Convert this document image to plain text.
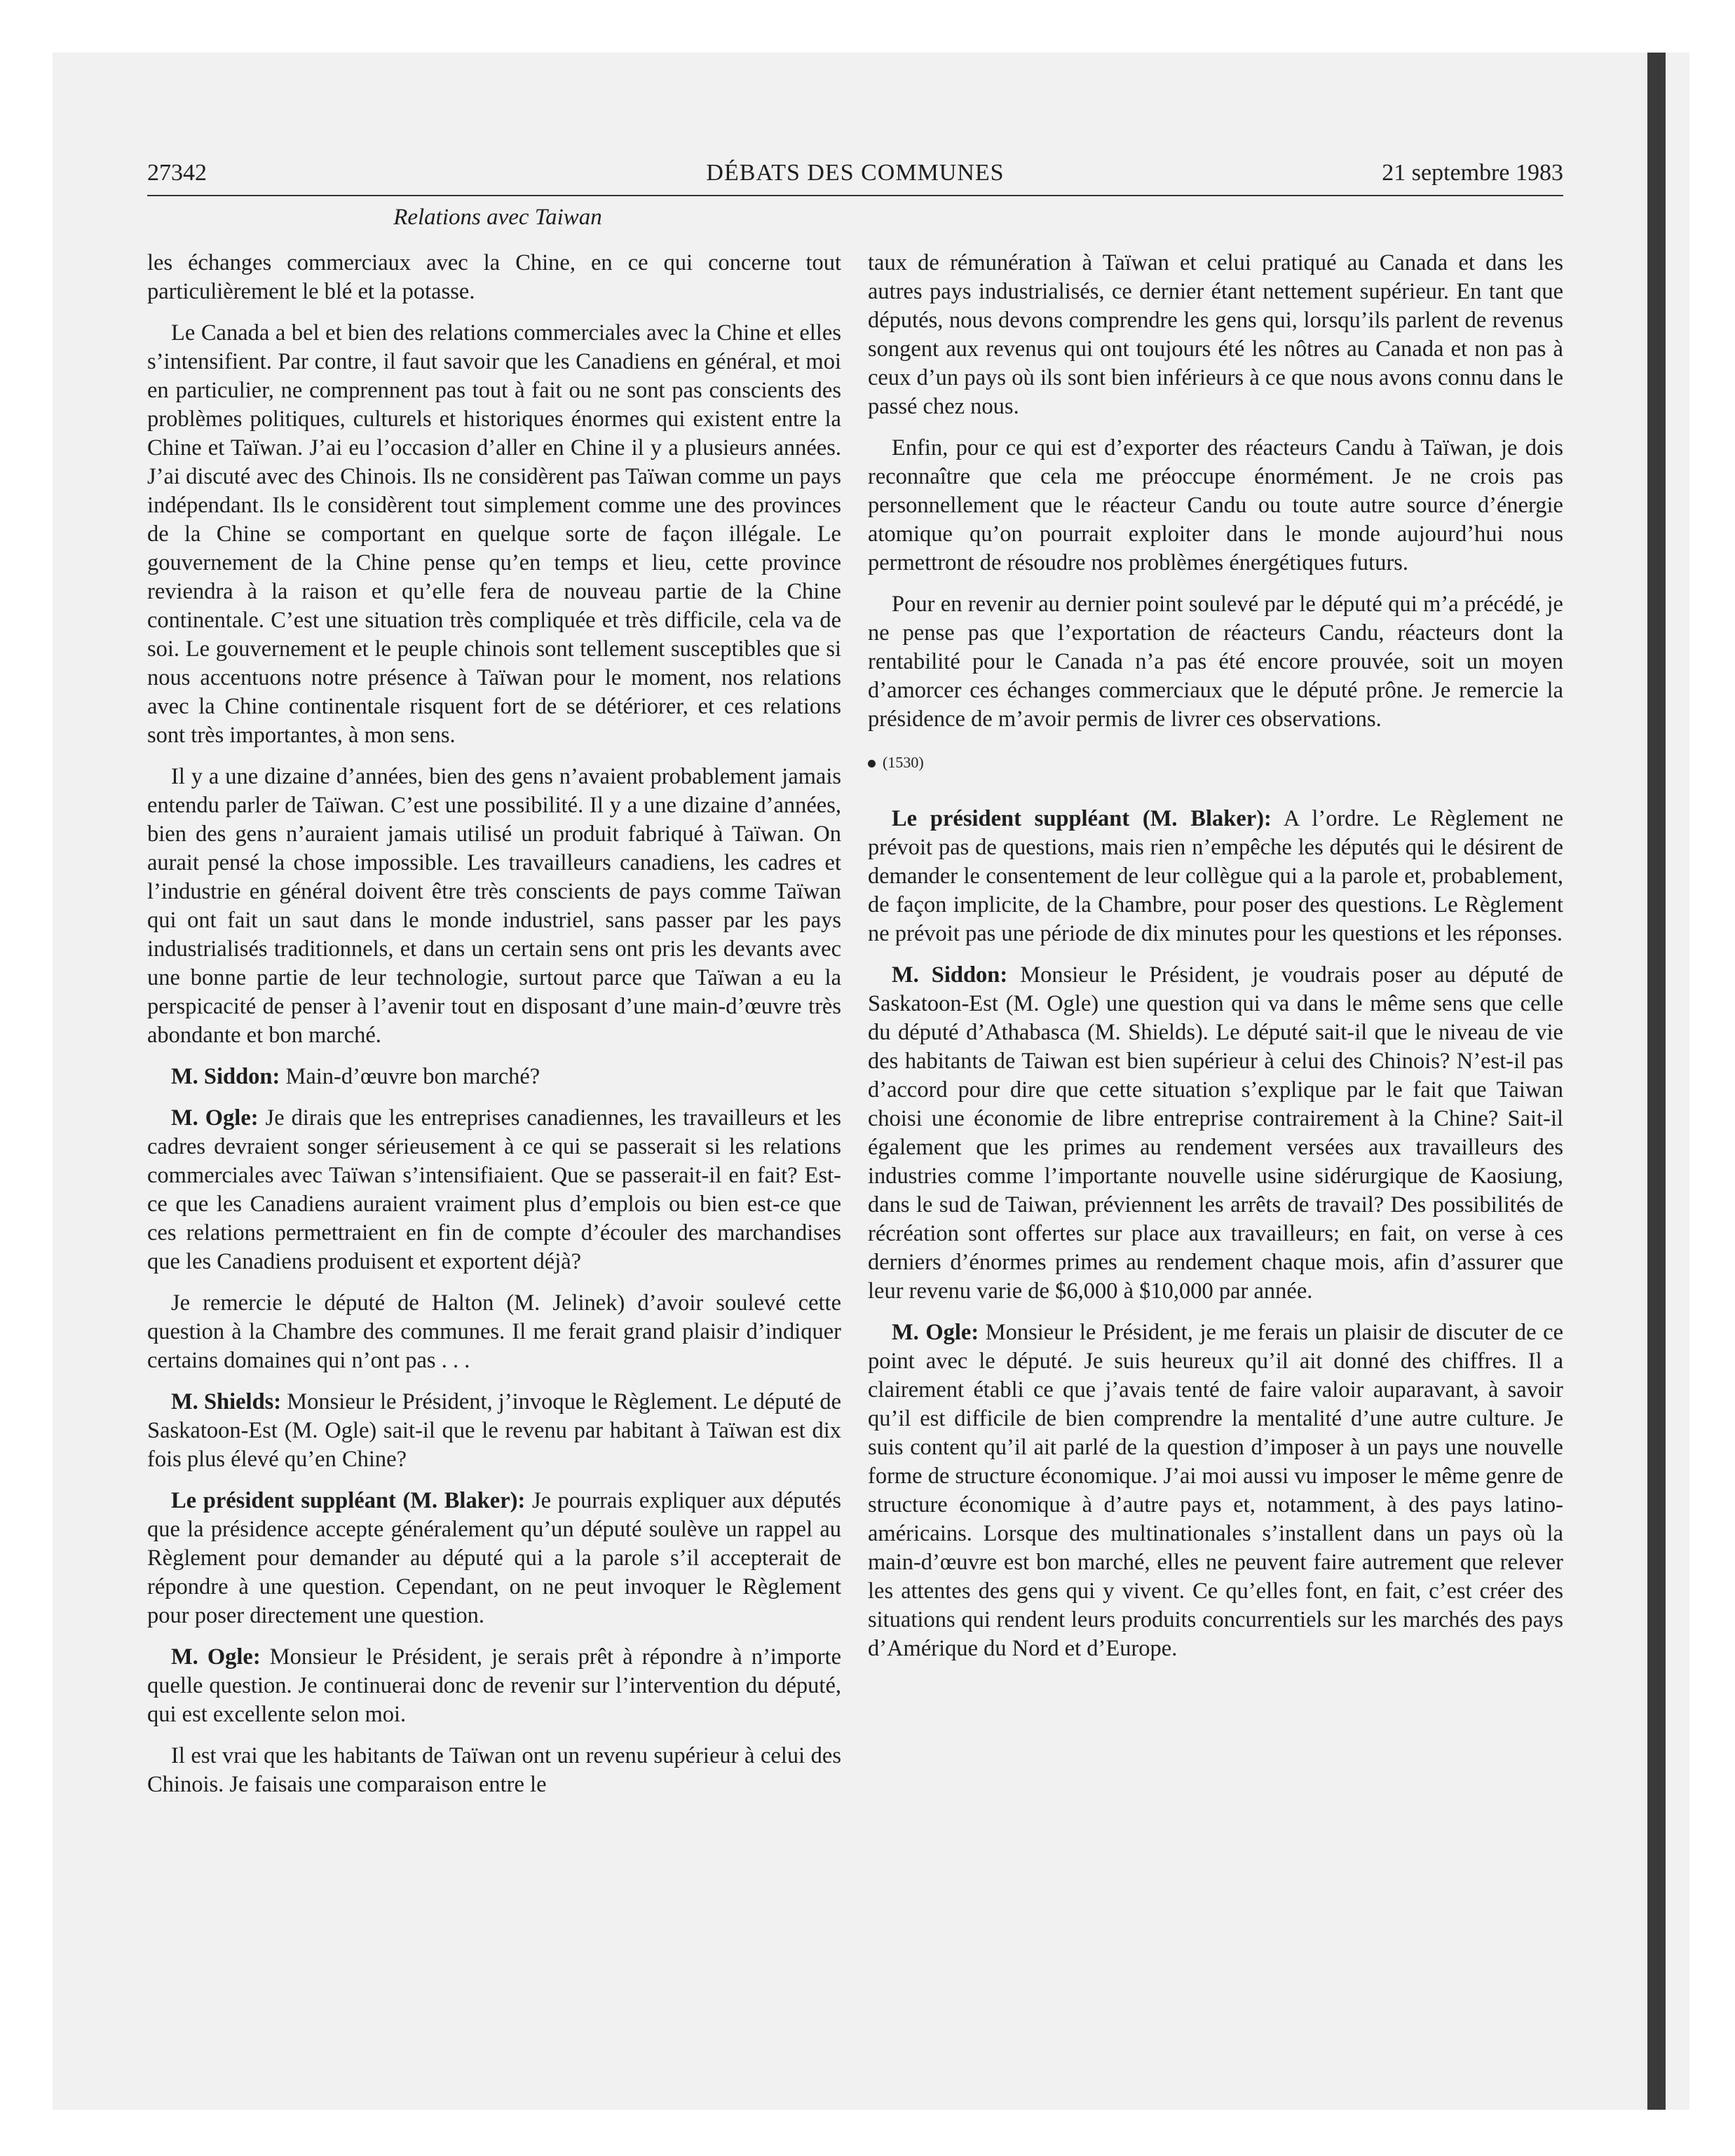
27342	DÉBATS DES COMMUNES	21 septembre 1983
Relations avec Taiwan

les échanges commerciaux avec la Chine, en ce qui concerne tout particulièrement le blé et la potasse.

Le Canada a bel et bien des relations commerciales avec la Chine et elles s’intensifient. Par contre, il faut savoir que les Canadiens en général, et moi en particulier, ne comprennent pas tout à fait ou ne sont pas conscients des problèmes politiques, culturels et historiques énormes qui existent entre la Chine et Taïwan. J’ai eu l’occasion d’aller en Chine il y a plusieurs années. J’ai discuté avec des Chinois. Ils ne considèrent pas Taïwan comme un pays indépendant. Ils le considèrent tout simplement comme une des provinces de la Chine se comportant en quelque sorte de façon illégale. Le gouvernement de la Chine pense qu’en temps et lieu, cette province reviendra à la raison et qu’elle fera de nouveau partie de la Chine continentale. C’est une situation très compliquée et très difficile, cela va de soi. Le gouvernement et le peuple chinois sont tellement susceptibles que si nous accentuons notre présence à Taïwan pour le moment, nos relations avec la Chine continentale risquent fort de se détériorer, et ces relations sont très importantes, à mon sens.

Il y a une dizaine d’années, bien des gens n’avaient probablement jamais entendu parler de Taïwan. C’est une possibilité. Il y a une dizaine d’années, bien des gens n’auraient jamais utilisé un produit fabriqué à Taïwan. On aurait pensé la chose impossible. Les travailleurs canadiens, les cadres et l’industrie en général doivent être très conscients de pays comme Taïwan qui ont fait un saut dans le monde industriel, sans passer par les pays industrialisés traditionnels, et dans un certain sens ont pris les devants avec une bonne partie de leur technologie, surtout parce que Taïwan a eu la perspicacité de penser à l’avenir tout en disposant d’une main-d’œuvre très abondante et bon marché.

M. Siddon: Main-d’œuvre bon marché?

M. Ogle: Je dirais que les entreprises canadiennes, les travailleurs et les cadres devraient songer sérieusement à ce qui se passerait si les relations commerciales avec Taïwan s’intensifiaient. Que se passerait-il en fait? Est-ce que les Canadiens auraient vraiment plus d’emplois ou bien est-ce que ces relations permettraient en fin de compte d’écouler des marchandises que les Canadiens produisent et exportent déjà?

Je remercie le député de Halton (M. Jelinek) d’avoir soulevé cette question à la Chambre des communes. Il me ferait grand plaisir d’indiquer certains domaines qui n’ont pas . . .

M. Shields: Monsieur le Président, j’invoque le Règlement. Le député de Saskatoon-Est (M. Ogle) sait-il que le revenu par habitant à Taïwan est dix fois plus élevé qu’en Chine?

Le président suppléant (M. Blaker): Je pourrais expliquer aux députés que la présidence accepte généralement qu’un député soulève un rappel au Règlement pour demander au député qui a la parole s’il accepterait de répondre à une question. Cependant, on ne peut invoquer le Règlement pour poser directement une question.

M. Ogle: Monsieur le Président, je serais prêt à répondre à n’importe quelle question. Je continuerai donc de revenir sur l’intervention du député, qui est excellente selon moi.

Il est vrai que les habitants de Taïwan ont un revenu supérieur à celui des Chinois. Je faisais une comparaison entre le

taux de rémunération à Taïwan et celui pratiqué au Canada et dans les autres pays industrialisés, ce dernier étant nettement supérieur. En tant que députés, nous devons comprendre les gens qui, lorsqu’ils parlent de revenus songent aux revenus qui ont toujours été les nôtres au Canada et non pas à ceux d’un pays où ils sont bien inférieurs à ce que nous avons connu dans le passé chez nous.

Enfin, pour ce qui est d’exporter des réacteurs Candu à Taïwan, je dois reconnaître que cela me préoccupe énormément. Je ne crois pas personnellement que le réacteur Candu ou toute autre source d’énergie atomique qu’on pourrait exploiter dans le monde aujourd’hui nous permettront de résoudre nos problèmes énergétiques futurs.

Pour en revenir au dernier point soulevé par le député qui m’a précédé, je ne pense pas que l’exportation de réacteurs Candu, réacteurs dont la rentabilité pour le Canada n’a pas été encore prouvée, soit un moyen d’amorcer ces échanges commerciaux que le député prône. Je remercie la présidence de m’avoir permis de livrer ces observations.

(1530)

Le président suppléant (M. Blaker): A l’ordre. Le Règlement ne prévoit pas de questions, mais rien n’empêche les députés qui le désirent de demander le consentement de leur collègue qui a la parole et, probablement, de façon implicite, de la Chambre, pour poser des questions. Le Règlement ne prévoit pas une période de dix minutes pour les questions et les réponses.

M. Siddon: Monsieur le Président, je voudrais poser au député de Saskatoon-Est (M. Ogle) une question qui va dans le même sens que celle du député d’Athabasca (M. Shields). Le député sait-il que le niveau de vie des habitants de Taiwan est bien supérieur à celui des Chinois? N’est-il pas d’accord pour dire que cette situation s’explique par le fait que Taiwan choisi une économie de libre entreprise contrairement à la Chine? Sait-il également que les primes au rendement versées aux travailleurs des industries comme l’importante nouvelle usine sidérurgique de Kaosiung, dans le sud de Taiwan, préviennent les arrêts de travail? Des possibilités de récréation sont offertes sur place aux travailleurs; en fait, on verse à ces derniers d’énormes primes au rendement chaque mois, afin d’assurer que leur revenu varie de $6,000 à $10,000 par année.

M. Ogle: Monsieur le Président, je me ferais un plaisir de discuter de ce point avec le député. Je suis heureux qu’il ait donné des chiffres. Il a clairement établi ce que j’avais tenté de faire valoir auparavant, à savoir qu’il est difficile de bien comprendre la mentalité d’une autre culture. Je suis content qu’il ait parlé de la question d’imposer à un pays une nouvelle forme de structure économique. J’ai moi aussi vu imposer le même genre de structure économique à d’autre pays et, notamment, à des pays latino-américains. Lorsque des multinationales s’installent dans un pays où la main-d’œuvre est bon marché, elles ne peuvent faire autrement que relever les attentes des gens qui y vivent. Ce qu’elles font, en fait, c’est créer des situations qui rendent leurs produits concurrentiels sur les marchés des pays d’Amérique du Nord et d’Europe.
